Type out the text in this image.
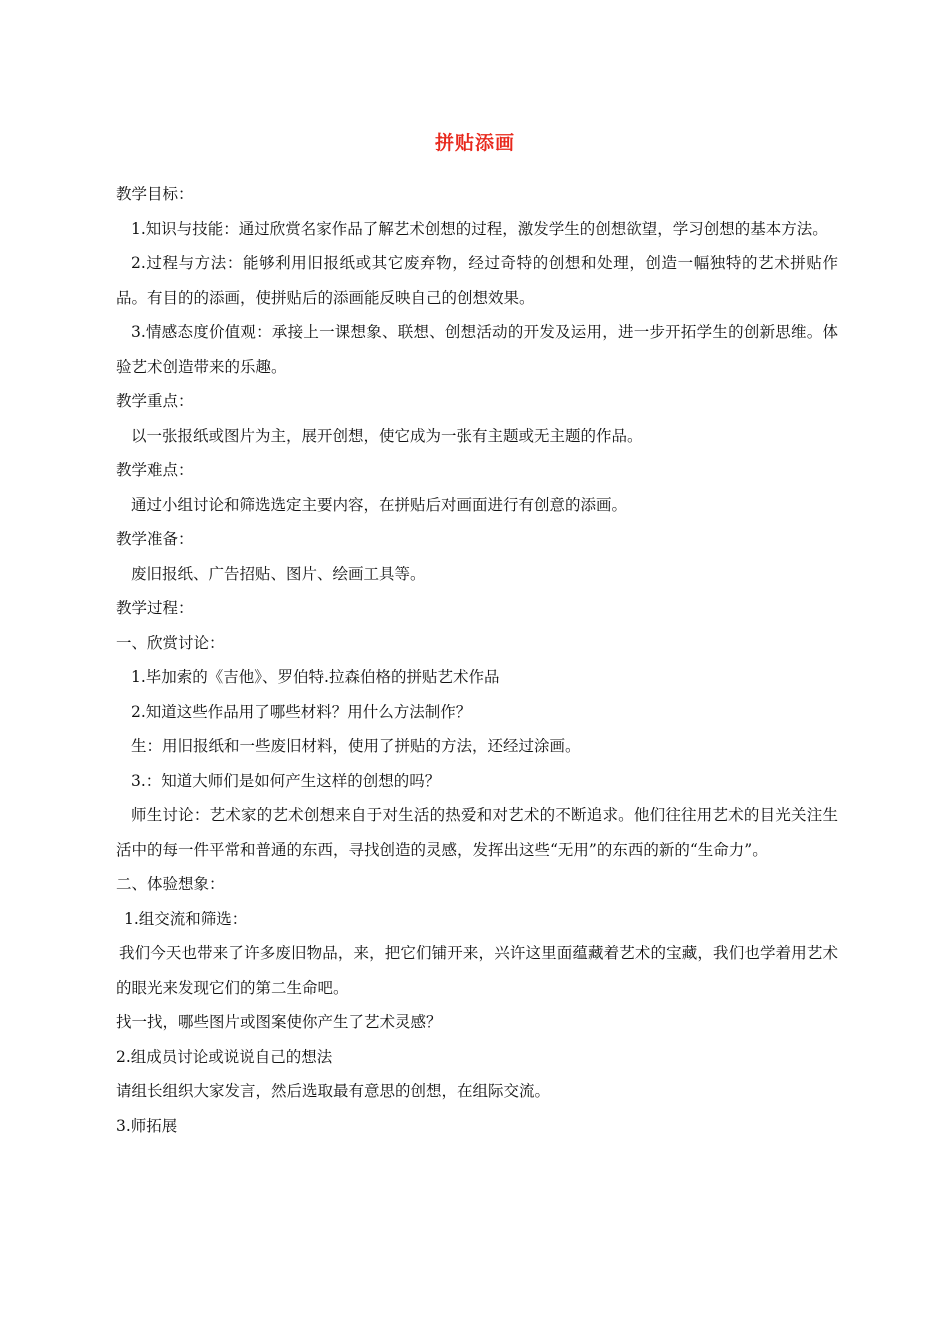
拼贴添画

教学目标：

1.知识与技能：通过欣赏名家作品了解艺术创想的过程，激发学生的创想欲望，学习创想的基本方法。

2.过程与方法：能够利用旧报纸或其它废弃物，经过奇特的创想和处理，创造一幅独特的艺术拼贴作品。有目的的添画，使拼贴后的添画能反映自己的创想效果。

3.情感态度价值观：承接上一课想象、联想、创想活动的开发及运用，进一步开拓学生的创新思维。体验艺术创造带来的乐趣。

教学重点：

以一张报纸或图片为主，展开创想，使它成为一张有主题或无主题的作品。

教学难点：

通过小组讨论和筛选选定主要内容，在拼贴后对画面进行有创意的添画。

教学准备：

废旧报纸、广告招贴、图片、绘画工具等。

教学过程：

一、欣赏讨论：

1.毕加索的《吉他》、罗伯特.拉森伯格的拼贴艺术作品

2.知道这些作品用了哪些材料？用什么方法制作？

生：用旧报纸和一些废旧材料，使用了拼贴的方法，还经过涂画。

3.：知道大师们是如何产生这样的创想的吗？

师生讨论：艺术家的艺术创想来自于对生活的热爱和对艺术的不断追求。他们往往用艺术的目光关注生活中的每一件平常和普通的东西，寻找创造的灵感，发挥出这些“无用”的东西的新的“生命力”。

二、体验想象：

1.组交流和筛选：

我们今天也带来了许多废旧物品，来，把它们铺开来，兴许这里面蕴藏着艺术的宝藏，我们也学着用艺术的眼光来发现它们的第二生命吧。

找一找，哪些图片或图案使你产生了艺术灵感？

2.组成员讨论或说说自己的想法

请组长组织大家发言，然后选取最有意思的创想，在组际交流。

3.师拓展
